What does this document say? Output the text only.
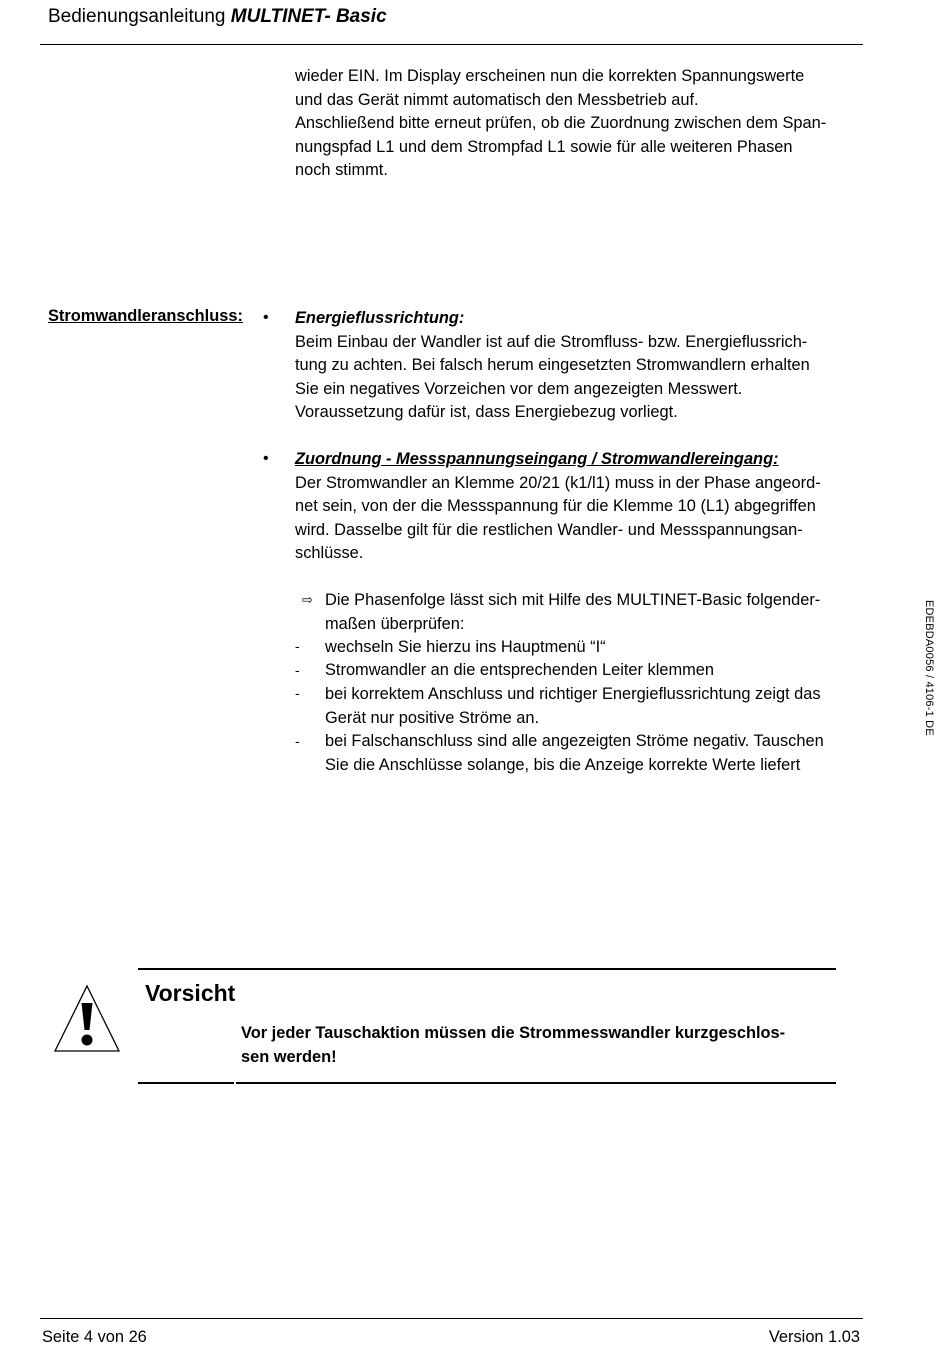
Bedienungsanleitung MULTINET- Basic
wieder EIN. Im Display erscheinen nun die korrekten Spannungswerte
und das Gerät nimmt automatisch den Messbetrieb auf.
Anschließend bitte erneut prüfen, ob die Zuordnung zwischen dem Span-
nungspfad L1 und dem Strompfad L1 sowie für alle weiteren Phasen
noch stimmt.
Stromwandleranschluss: • Energieflussrichtung:
Beim Einbau der Wandler ist auf die Stromfluss- bzw. Energieflussrich-
tung zu achten. Bei falsch herum eingesetzten Stromwandlern erhalten
Sie ein negatives Vorzeichen vor dem angezeigten Messwert.
Voraussetzung dafür ist, dass Energiebezug vorliegt.
• Zuordnung - Messspannungseingang / Stromwandlereingang:
Der Stromwandler an Klemme 20/21 (k1/l1) muss in der Phase angeord-
net sein, von der die Messspannung für die Klemme 10 (L1) abgegriffen
wird. Dasselbe gilt für die restlichen Wandler- und Messspannungsan-
schlüsse.
⇨ Die Phasenfolge lässt sich mit Hilfe des MULTINET-Basic folgender-
maßen überprüfen:
- wechseln Sie hierzu ins Hauptmenü “I“
- Stromwandler an die entsprechenden Leiter klemmen
- bei korrektem Anschluss und richtiger Energieflussrichtung zeigt das
Gerät nur positive Ströme an.
- bei Falschanschluss sind alle angezeigten Ströme negativ. Tauschen
Sie die Anschlüsse solange, bis die Anzeige korrekte Werte liefert
EDEBDA0056 / 4106-1 DE
Vorsicht
Vor jeder Tauschaktion müssen die Strommesswandler kurzgeschlos-
sen werden!
Seite 4 von 26	Version 1.03
